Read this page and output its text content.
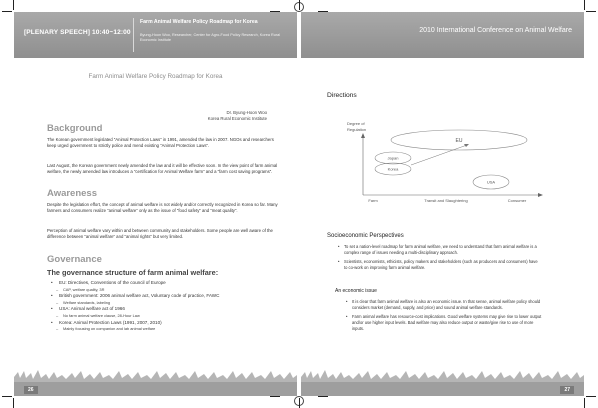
[PLENARY SPEECH] 10:40~12:00
Farm Animal Welfare Policy Roadmap for Korea
Byung-Hoon Woo, Researcher, Center for Agro-Food Policy Research, Korea Rural Economic Institute
Farm Animal Welfare Policy Roadmap for Korea
Dr. Byung-Hoon Woo
Korea Rural Economic Institute
Background
The Korean government legislated “Animal Protection Laws” in 1991, amended the law in 2007. NGOs and researchers keep urged government to strictly police and mend existing “Animal Protection Laws”.
Last August, the Korean government newly amended the law and it will be effective soon. In the view point of farm animal welfare, the newly amended law introduces a “certification for Animal Welfare farm” and a “farm cost saving programs”.
Awareness
Despite the legislation effort, the concept of animal welfare is not widely and/or correctly recognized in Korea so far. Many farmers and consumers realize “animal welfare” only as the issue of “food safety” and “meat quality”.
Perception of animal welfare vary within and between community and stakeholders. Some people are well aware of the difference between “animal welfare” and “animal rights” but very limited.
Governance
The governance structure of farm animal welfare:
• EU: Directives, Conventions of the council of Europe
– CAP, welfare quality, 3R
• British government: 2006 animal welfare act, Voluntary code of practice, FAWC
– Welfare standards, labeling
• USA: Animal welfare act of 1966
– No farm animal welfare clause, 28-Hour Law
• Korea: Animal Protection Laws (1991, 2007, 2010)
– Mainly focusing on companion and lab animal welfare
26
2010 International Conference on Animal Welfare
Directions
Degree of
Regulation
EU
Japan
Korea
USA
Farm	Transit and Slaughtering	Consumer
Socioeconomic Perspectives
• To set a nation-level roadmap for farm animal welfare, we need to understand that farm animal welfare is a complex range of issues needing a multi-disciplinary approach.
• Scientists, economists, ethicists, policy makers and stakeholders (such as producers and consumers) have to co-work on improving farm animal welfare.
An economic issue
• It is clear that farm animal welfare is also an economic issue. In that sense, animal welfare policy should considers market (demand, supply, and price) and sound animal welfare standards.
• Farm animal welfare has resource-cost implications. Good welfare systems may give rise to lower output and/or use higher input levels. Bad welfare may also reduce output or waste/give rise to use of more inputs.
27
